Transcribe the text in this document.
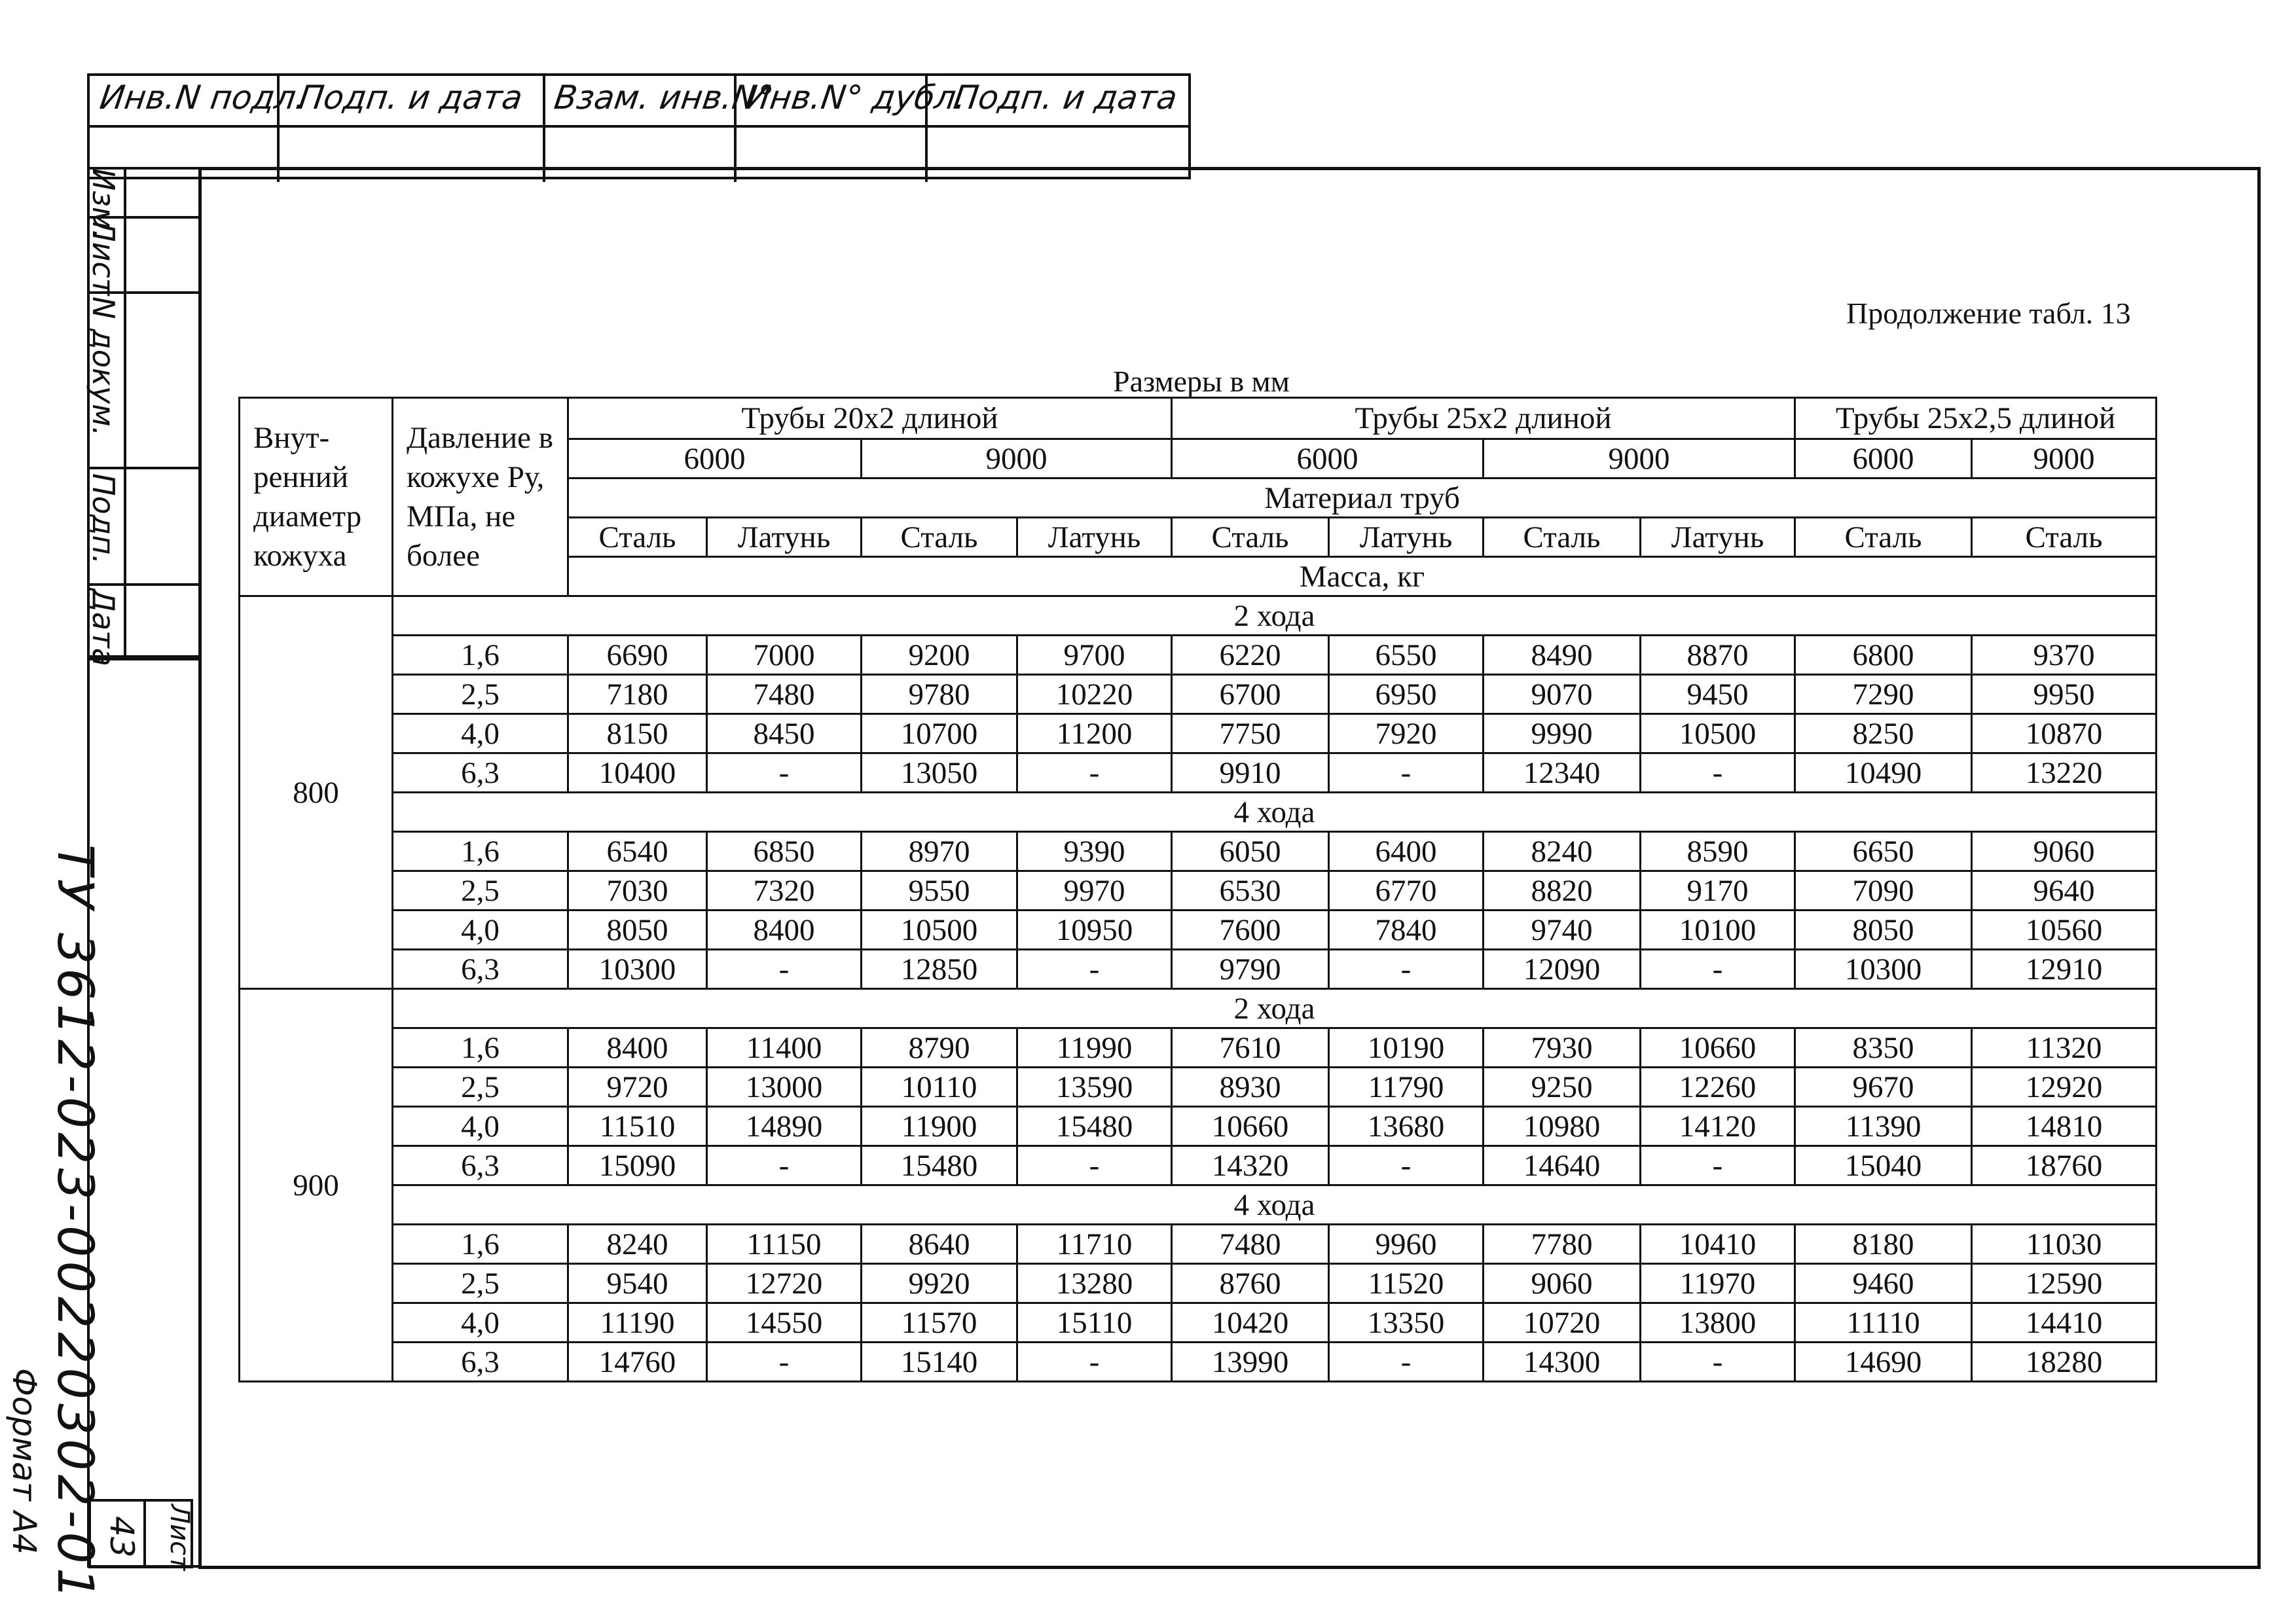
Инв.N подл.
Подп. и дата Взам. инв.N°
Инв.N° дубл.
Подп. и дата
Изм.
Лист
N докум.
Подп.
Дата
ТУ 3612-023-00220302-01
Формат А4	Лист
43
Продолжение табл. 13
Размеры в мм
Внут-ренний диаметр кожуха	Давление в кожухе Ру, МПа, не более	Трубы 20х2 длиной				Трубы 25х2 длиной				Трубы 25х2,5 длиной	
		6000		9000		6000		9000		6000	9000
		Материал труб									
		Сталь	Латунь	Сталь	Латунь	Сталь	Латунь	Сталь	Латунь	Сталь	Сталь
		Масса, кг									
800	2 хода										
	1,6	6690	7000	9200	9700	6220	6550	8490	8870	6800	9370
	2,5	7180	7480	9780	10220	6700	6950	9070	9450	7290	9950
	4,0	8150	8450	10700	11200	7750	7920	9990	10500	8250	10870
	6,3	10400	-	13050	-	9910	-	12340	-	10490	13220
	4 хода										
	1,6	6540	6850	8970	9390	6050	6400	8240	8590	6650	9060
	2,5	7030	7320	9550	9970	6530	6770	8820	9170	7090	9640
	4,0	8050	8400	10500	10950	7600	7840	9740	10100	8050	10560
	6,3	10300	-	12850	-	9790	-	12090	-	10300	12910
900	2 хода										
	1,6	8400	11400	8790	11990	7610	10190	7930	10660	8350	11320
	2,5	9720	13000	10110	13590	8930	11790	9250	12260	9670	12920
	4,0	11510	14890	11900	15480	10660	13680	10980	14120	11390	14810
	6,3	15090	-	15480	-	14320	-	14640	-	15040	18760
	4 хода										
	1,6	8240	11150	8640	11710	7480	9960	7780	10410	8180	11030
	2,5	9540	12720	9920	13280	8760	11520	9060	11970	9460	12590
	4,0	11190	14550	11570	15110	10420	13350	10720	13800	11110	14410
	6,3	14760	-	15140	-	13990	-	14300	-	14690	18280
